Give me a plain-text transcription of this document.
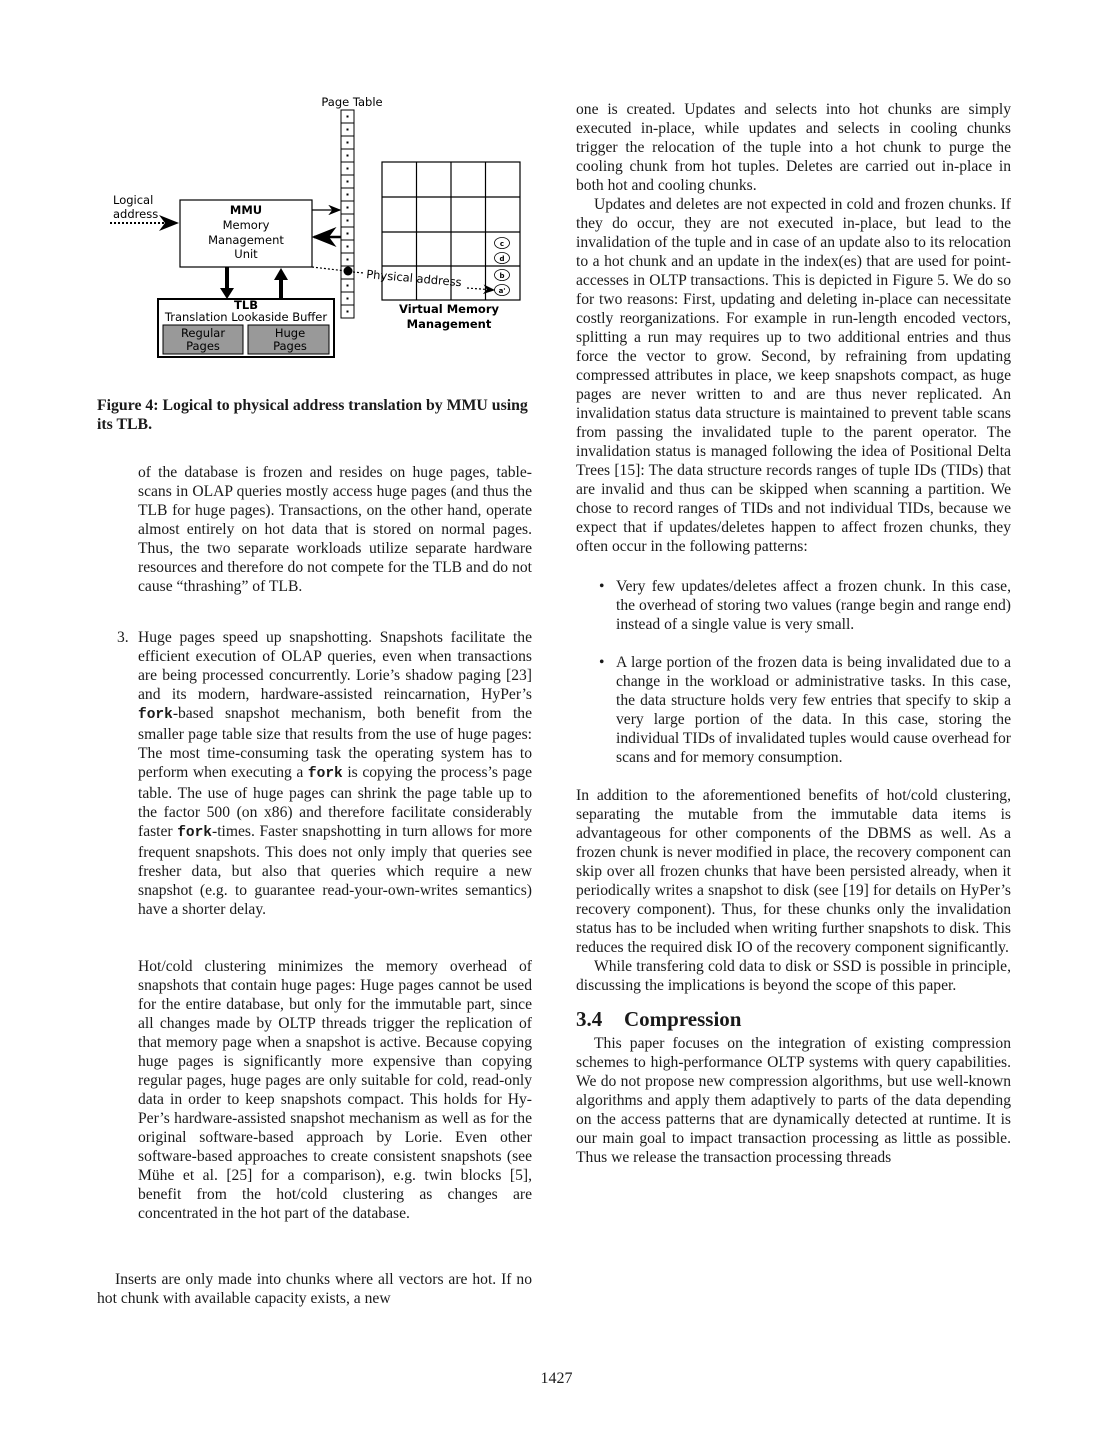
Page Table
c
d
b
a'
Virtual Memory
Management
Logical
address	MMU
Memory
Management
Unit
TLB
Translation Lookaside Buffer
Regular
Pages
Huge
Pages
Physical address
Figure 4: Logical to physical address translation by MMU using its TLB.

of the database is frozen and resides on huge pages, table-scans in OLAP queries mostly access huge pages (and thus the TLB for huge pages). Transactions, on the other hand, operate almost entirely on hot data that is stored on normal pages. Thus, the two separate workloads utilize separate hardware resources and therefore do not compete for the TLB and do not cause “thrashing” of TLB.

3. Huge pages speed up snapshotting. Snapshots facilitate the efficient execution of OLAP queries, even when transactions are being processed concurrently. Lorie’s shadow paging [23] and its modern, hardware-assisted reincarnation, HyPer’s fork-based snapshot mechanism, both benefit from the smaller page table size that results from the use of huge pages: The most time-consuming task the operating system has to perform when executing a fork is copying the process’s page table. The use of huge pages can shrink the page table up to the factor 500 (on x86) and therefore facilitate considerably faster fork-times. Faster snapshotting in turn allows for more frequent snapshots. This does not only imply that queries see fresher data, but also that queries which require a new snapshot (e.g. to guarantee read-your-own-writes semantics) have a shorter delay.

Hot/cold clustering minimizes the memory overhead of snapshots that contain huge pages: Huge pages cannot be used for the entire database, but only for the immutable part, since all changes made by OLTP threads trigger the replication of that memory page when a snapshot is active. Because copying huge pages is significantly more expensive than copying regular pages, huge pages are only suitable for cold, read-only data in order to keep snapshots compact. This holds for HyPer’s hardware-assisted snapshot mechanism as well as for the original software-based approach by Lorie. Even other software-based approaches to create consistent snapshots (see Mühe et al. [25] for a comparison), e.g. twin blocks [5], benefit from the hot/cold clustering as changes are concentrated in the hot part of the database.

Inserts are only made into chunks where all vectors are hot. If no hot chunk with available capacity exists, a new

one is created. Updates and selects into hot chunks are simply executed in-place, while updates and selects in cooling chunks trigger the relocation of the tuple into a hot chunk to purge the cooling chunk from hot tuples. Deletes are carried out in-place in both hot and cooling chunks.

Updates and deletes are not expected in cold and frozen chunks. If they do occur, they are not executed in-place, but lead to the invalidation of the tuple and in case of an update also to its relocation to a hot chunk and an update in the index(es) that are used for point-accesses in OLTP transactions. This is depicted in Figure 5. We do so for two reasons: First, updating and deleting in-place can necessitate costly reorganizations. For example in run-length encoded vectors, splitting a run may requires up to two additional entries and thus force the vector to grow. Second, by refraining from updating compressed attributes in place, we keep snapshots compact, as huge pages are never written to and are thus never replicated. An invalidation status data structure is maintained to prevent table scans from passing the invalidated tuple to the parent operator. The invalidation status is managed following the idea of Positional Delta Trees [15]: The data structure records ranges of tuple IDs (TIDs) that are invalid and thus can be skipped when scanning a partition. We chose to record ranges of TIDs and not individual TIDs, because we expect that if updates/deletes happen to affect frozen chunks, they often occur in the following patterns:

• Very few updates/deletes affect a frozen chunk. In this case, the overhead of storing two values (range begin and range end) instead of a single value is very small.
• A large portion of the frozen data is being invalidated due to a change in the workload or administrative tasks. In this case, the data structure holds very few entries that specify to skip a very large portion of the data. In this case, storing the individual TIDs of invalidated tuples would cause overhead for scans and for memory consumption.

In addition to the aforementioned benefits of hot/cold clustering, separating the mutable from the immutable data items is advantageous for other components of the DBMS as well. As a frozen chunk is never modified in place, the recovery component can skip over all frozen chunks that have been persisted already, when it periodically writes a snapshot to disk (see [19] for details on HyPer’s recovery component). Thus, for these chunks only the invalidation status has to be included when writing further snapshots to disk. This reduces the required disk IO of the recovery component significantly.

While transfering cold data to disk or SSD is possible in principle, discussing the implications is beyond the scope of this paper.

3.4 Compression

This paper focuses on the integration of existing compression schemes to high-performance OLTP systems with query capabilities. We do not propose new compression algorithms, but use well-known algorithms and apply them adaptively to parts of the data depending on the access patterns that are dynamically detected at runtime. It is our main goal to impact transaction processing as little as possible. Thus we release the transaction processing threads

1427
